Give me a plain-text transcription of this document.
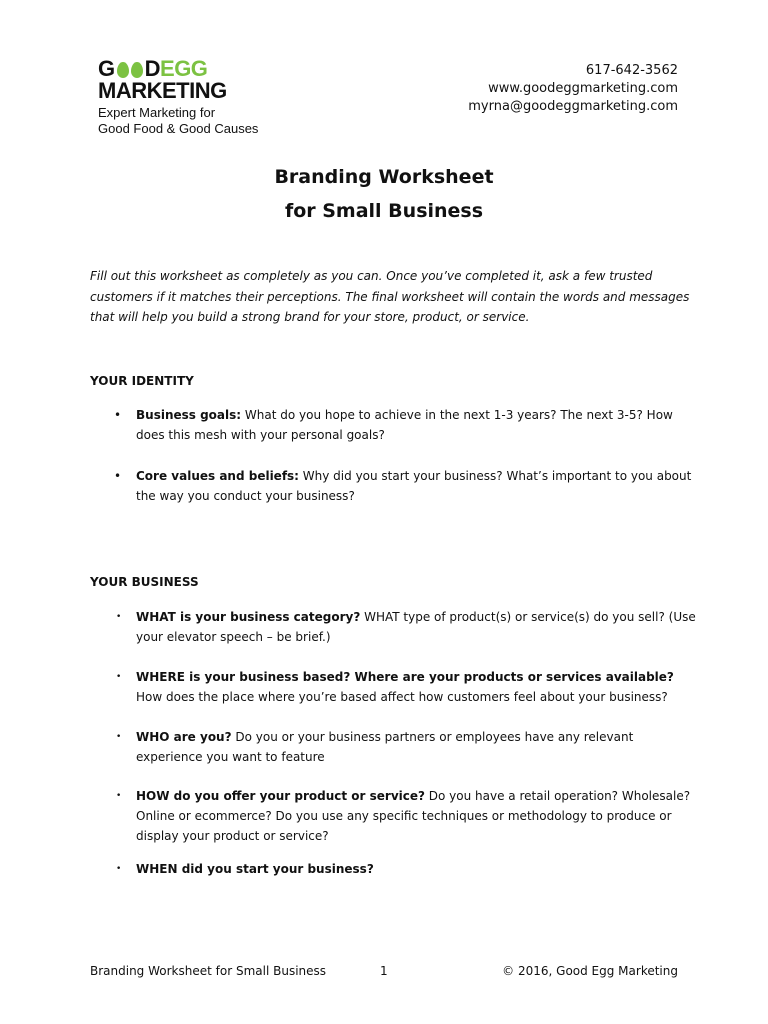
G D EGG
MARKETING
Expert Marketing for
Good Food & Good Causes
617-642-3562
www.goodeggmarketing.com
myrna@goodeggmarketing.com
Branding Worksheet
for Small Business
Fill out this worksheet as completely as you can. Once you’ve completed it, ask a few trusted customers if it matches their perceptions. The final worksheet will contain the words and messages that will help you build a strong brand for your store, product, or service.
YOUR IDENTITY
• Business goals: What do you hope to achieve in the next 1-3 years? The next 3-5? How does this mesh with your personal goals?
• Core values and beliefs: Why did you start your business? What’s important to you about the way you conduct your business?
YOUR BUSINESS
• WHAT is your business category? WHAT type of product(s) or service(s) do you sell? (Use your elevator speech – be brief.)
• WHERE is your business based? Where are your products or services available? How does the place where you’re based affect how customers feel about your business?
• WHO are you? Do you or your business partners or employees have any relevant experience you want to feature
• HOW do you offer your product or service? Do you have a retail operation? Wholesale? Online or ecommerce? Do you use any specific techniques or methodology to produce or display your product or service?
• WHEN did you start your business?
Branding Worksheet for Small Business	1	© 2016, Good Egg Marketing
